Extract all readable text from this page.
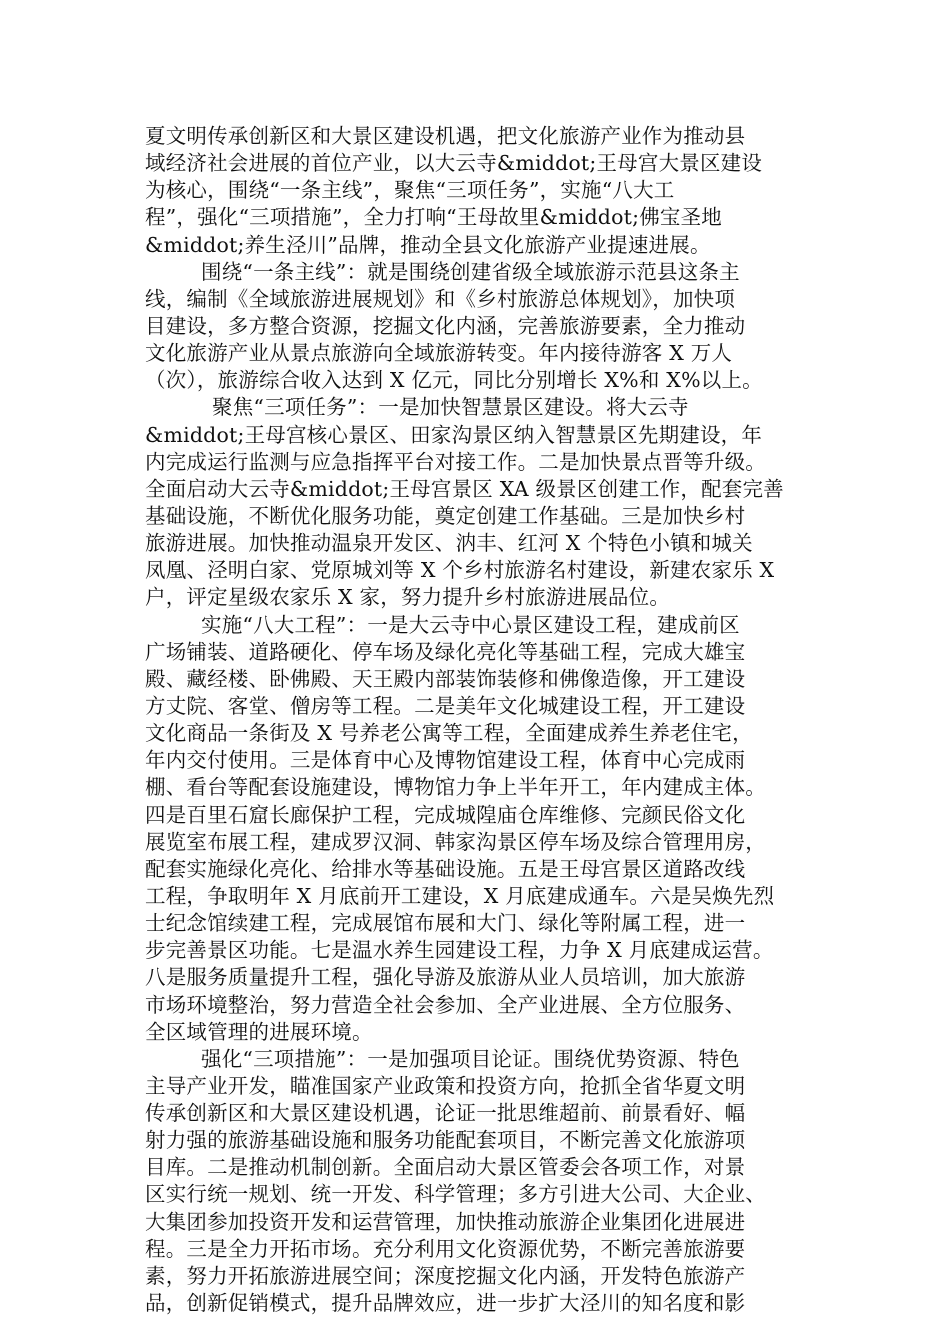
夏文明传承创新区和大景区建设机遇，把文化旅游产业作为推动县
域经济社会进展的首位产业，以大云寺&middot;王母宫大景区建设
为核心，围绕“一条主线”，聚焦“三项任务”，实施“八大工
程”，强化“三项措施”，全力打响“王母故里&middot;佛宝圣地
&middot;养生泾川”品牌，推动全县文化旅游产业提速进展。
围绕“一条主线”：就是围绕创建省级全域旅游示范县这条主
线，编制《全域旅游进展规划》和《乡村旅游总体规划》，加快项
目建设，多方整合资源，挖掘文化内涵，完善旅游要素，全力推动
文化旅游产业从景点旅游向全域旅游转变。年内接待游客 X 万人
（次），旅游综合收入达到 X 亿元，同比分别增长 X%和 X%以上。
聚焦“三项任务”：一是加快智慧景区建设。将大云寺
&middot;王母宫核心景区、田家沟景区纳入智慧景区先期建设，年
内完成运行监测与应急指挥平台对接工作。二是加快景点晋等升级。
全面启动大云寺&middot;王母宫景区 XA 级景区创建工作，配套完善
基础设施，不断优化服务功能，奠定创建工作基础。三是加快乡村
旅游进展。加快推动温泉开发区、汭丰、红河 X 个特色小镇和城关
凤凰、泾明白家、党原城刘等 X 个乡村旅游名村建设，新建农家乐 X
户，评定星级农家乐 X 家，努力提升乡村旅游进展品位。
实施“八大工程”：一是大云寺中心景区建设工程，建成前区
广场铺装、道路硬化、停车场及绿化亮化等基础工程，完成大雄宝
殿、藏经楼、卧佛殿、天王殿内部装饰装修和佛像造像，开工建设
方丈院、客堂、僧房等工程。二是美年文化城建设工程，开工建设
文化商品一条街及 X 号养老公寓等工程，全面建成养生养老住宅，
年内交付使用。三是体育中心及博物馆建设工程，体育中心完成雨
棚、看台等配套设施建设，博物馆力争上半年开工，年内建成主体。
四是百里石窟长廊保护工程，完成城隍庙仓库维修、完颜民俗文化
展览室布展工程，建成罗汉洞、韩家沟景区停车场及综合管理用房，
配套实施绿化亮化、给排水等基础设施。五是王母宫景区道路改线
工程，争取明年 X 月底前开工建设，X 月底建成通车。六是吴焕先烈
士纪念馆续建工程，完成展馆布展和大门、绿化等附属工程，进一
步完善景区功能。七是温水养生园建设工程，力争 X 月底建成运营。
八是服务质量提升工程，强化导游及旅游从业人员培训，加大旅游
市场环境整治，努力营造全社会参加、全产业进展、全方位服务、
全区域管理的进展环境。
强化“三项措施”：一是加强项目论证。围绕优势资源、特色
主导产业开发，瞄准国家产业政策和投资方向，抢抓全省华夏文明
传承创新区和大景区建设机遇，论证一批思维超前、前景看好、幅
射力强的旅游基础设施和服务功能配套项目，不断完善文化旅游项
目库。二是推动机制创新。全面启动大景区管委会各项工作，对景
区实行统一规划、统一开发、科学管理；多方引进大公司、大企业、
大集团参加投资开发和运营管理，加快推动旅游企业集团化进展进
程。三是全力开拓市场。充分利用文化资源优势，不断完善旅游要
素，努力开拓旅游进展空间；深度挖掘文化内涵，开发特色旅游产
品，创新促销模式，提升品牌效应，进一步扩大泾川的知名度和影
